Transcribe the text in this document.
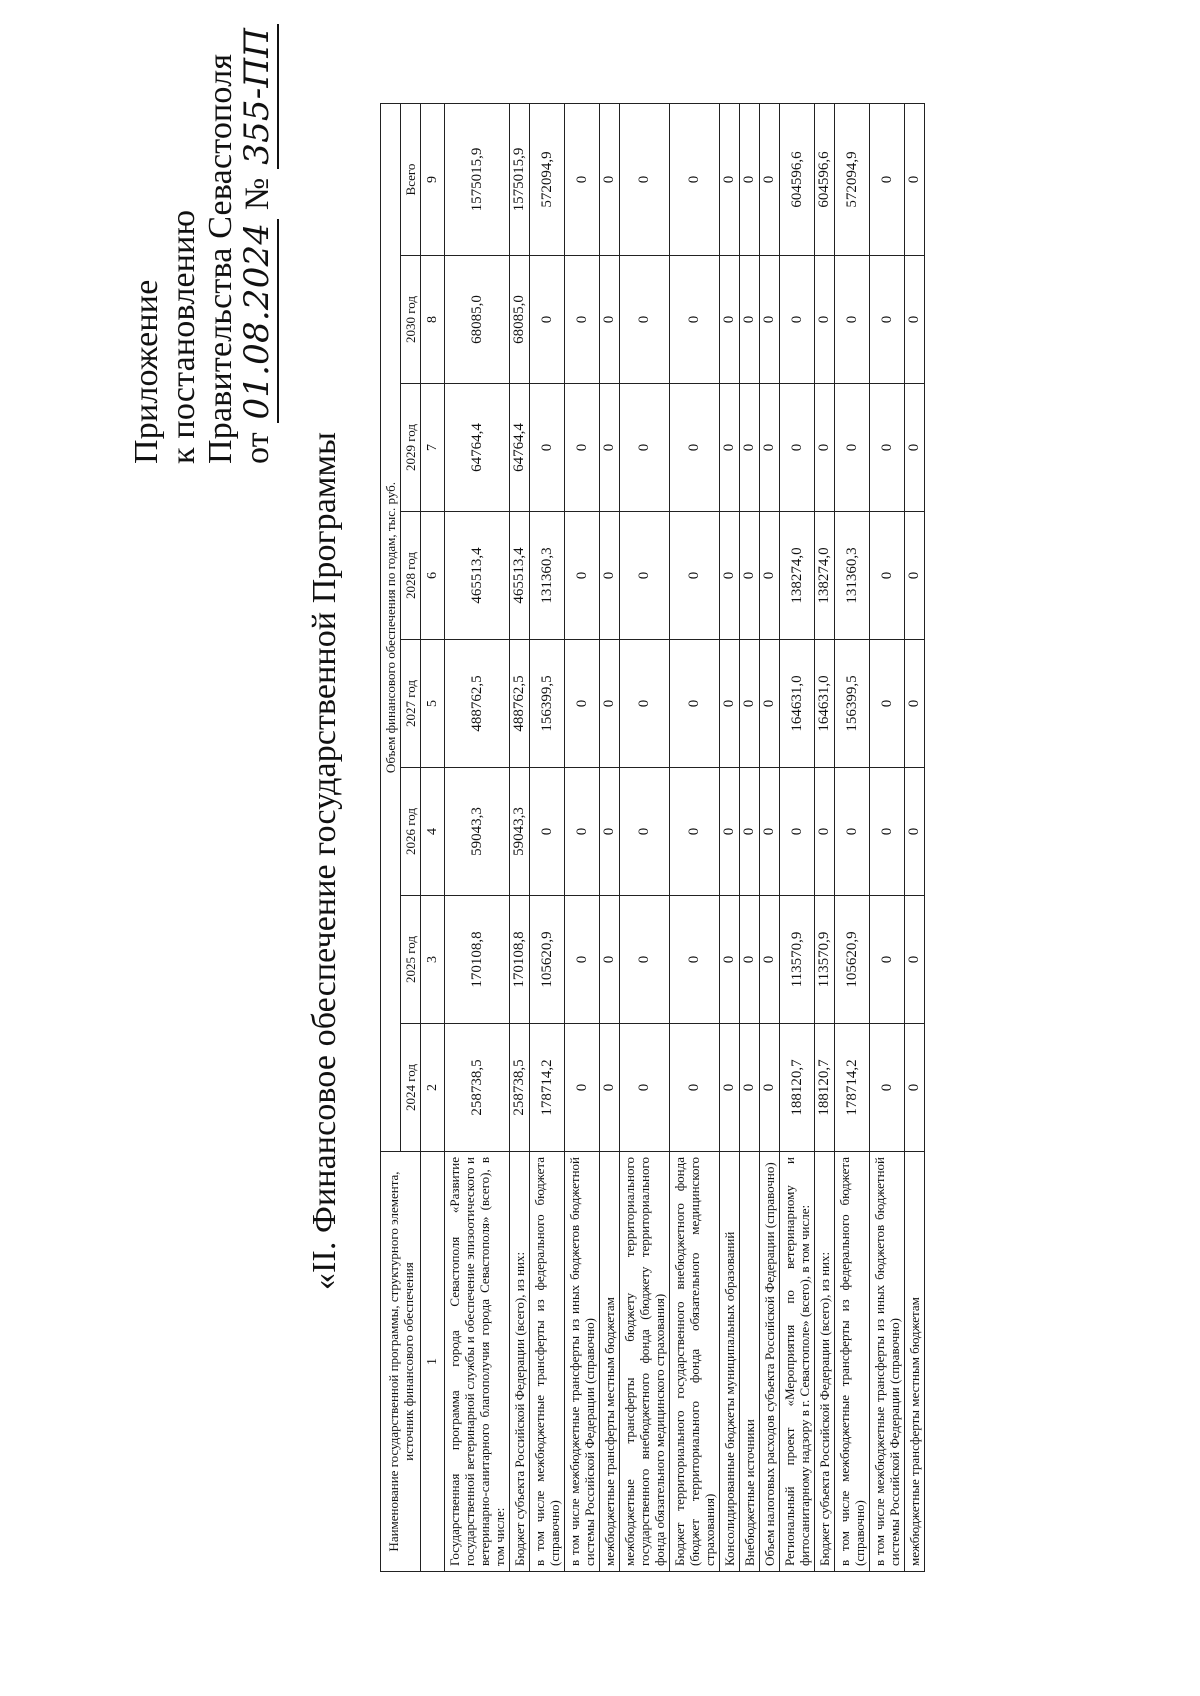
Приложение к постановлению Правительства Севастополя от 01.08.2024 № 355-ПП
«II. Финансовое обеспечение государственной Программы
Наименование государственной программы, структурного элемента, источник финансового обеспечения	Объем финансового обеспечения по годам, тыс. руб.							
	2024 год	2025 год	2026 год	2027 год	2028 год	2029 год	2030 год	Всего
1	2	3	4	5	6	7	8	9
Государственная программа города Севастополя «Развитие государственной ветеринарной службы и обеспечение эпизоотического и ветеринарно-санитарного благополучия города Севастополя» (всего), в том числе:	258738,5	170108,8	59043,3	488762,5	465513,4	64764,4	68085,0	1575015,9
Бюджет субъекта Российской Федерации (всего), из них:	258738,5	170108,8	59043,3	488762,5	465513,4	64764,4	68085,0	1575015,9
в том числе межбюджетные трансферты из федерального бюджета (справочно)	178714,2	105620,9	0	156399,5	131360,3	0	0	572094,9
в том числе межбюджетные трансферты из иных бюджетов бюджетной системы Российской Федерации (справочно)	0	0	0	0	0	0	0	0
межбюджетные трансферты местным бюджетам	0	0	0	0	0	0	0	0
межбюджетные трансферты бюджету территориального государственного внебюджетного фонда (бюджету территориального фонда обязательного медицинского страхования)	0	0	0	0	0	0	0	0
Бюджет территориального государственного внебюджетного фонда (бюджет территориального фонда обязательного медицинского страхования)	0	0	0	0	0	0	0	0
Консолидированные бюджеты муниципальных образований	0	0	0	0	0	0	0	0
Внебюджетные источники	0	0	0	0	0	0	0	0
Объем налоговых расходов субъекта Российской Федерации (справочно)	0	0	0	0	0	0	0	0
Региональный проект «Мероприятия по ветеринарному и фитосанитарному надзору в г. Севастополе» (всего), в том числе:	188120,7	113570,9	0	164631,0	138274,0	0	0	604596,6
Бюджет субъекта Российской Федерации (всего), из них:	188120,7	113570,9	0	164631,0	138274,0	0	0	604596,6
в том числе межбюджетные трансферты из федерального бюджета (справочно)	178714,2	105620,9	0	156399,5	131360,3	0	0	572094,9
в том числе межбюджетные трансферты из иных бюджетов бюджетной системы Российской Федерации (справочно)	0	0	0	0	0	0	0	0
межбюджетные трансферты местным бюджетам	0	0	0	0	0	0	0	0
